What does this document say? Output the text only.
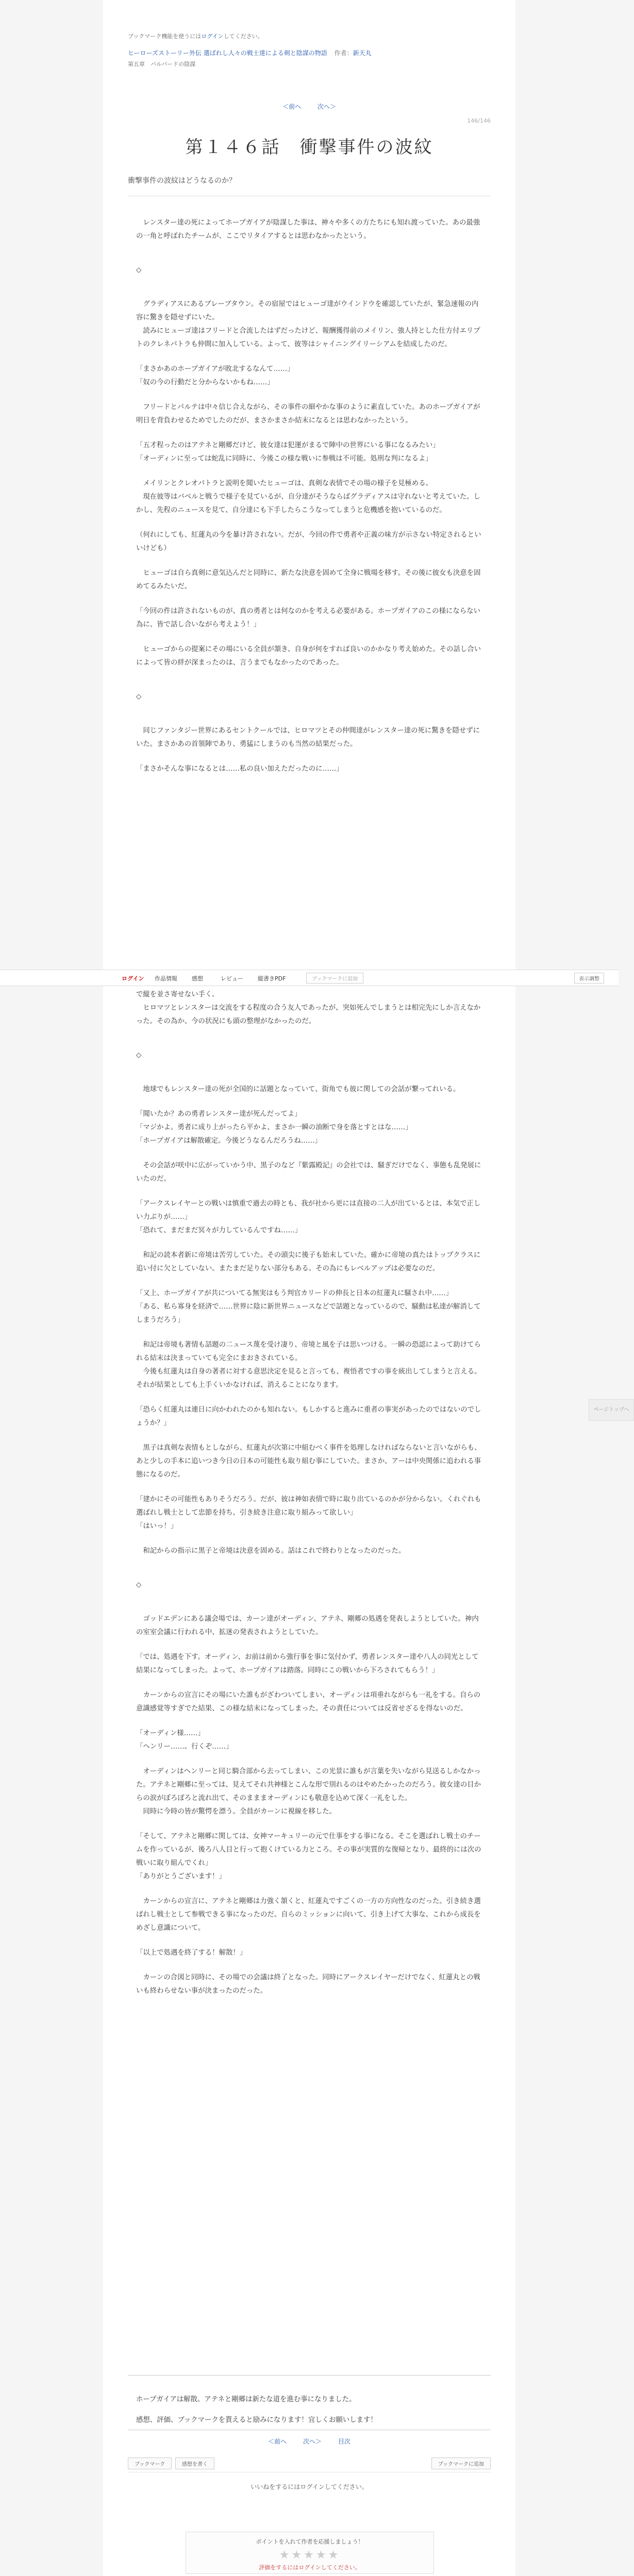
ブックマーク機能を使うにはログインしてください。
ヒーローズストーリー外伝 選ばれし人々の戦士達による剣と陰謀の物語 作者：新天丸
第五章　バルバードの陰謀
＜前へ	次へ＞
146/146
第１４６話　衝撃事件の波紋
衝撃事件の波紋はどうなるのか？

　レンスター達の死によってホープガイアが陰謀した事は、神々や多くの方たちにも知れ渡っていた。あの最強の一角と呼ばれたチームが、ここでリタイアするとは思わなかったという。

◇

　グラディアスにあるブレーブタウン。その宿屋ではヒューゴ達がウインドウを確認していたが、緊急速報の内容に驚きを隠せずにいた。

　読みにヒューゴ達はフリードと合流したはずだったけど、報酬獲得前のメイリン、強人持とした仕方付エリプトのクレネパトラも仲間に加入している。よって、彼等はシャイニングイリーシアムを結成したのだ。

「まさかあのホープガイアが敗北するなんて……」

「奴の今の行動だと分からないかもね……」

　フリードとパルテは中々信じ合えながら、その事件の細やかな事のように素直していた。あのホープガイアが明日を背負わせるためでしたのだが、まさかまさか結末になるとは思わなかったという。

「五才程ったのはアテネと剛郷だけど、彼女達は犯運がまるで陣中の世界にいる事になるみたい」

「オーディンに至っては蛇乱に同時に、今後この様な戦いに参戦は不可能。処刑な判になるよ」

　メイリンとクレオパトラと説明を聞いたヒューゴは、真剣な表情でその場の様子を見極める。

　現在彼等はバベルと戦うで様子を見ているが、自分達がそうならばグラディアスは守れないと考えていた。しかし、先程のニュースを見て、自分達にも下手したらこうなってしまうと危機感を抱いているのだ。

（何れにしても、紅蓮丸の今を暴け許されない。だが、今回の件で勇者や正義の味方が示さない特定されるといいけども）

　ヒューゴは自ら真剣に意気込んだと同時に、新たな決意を固めて全身に戦場を移す。その後に彼女も決意を固めてるみたいだ。

「今回の件は許されないものが、真の勇者とは何なのかを考える必要がある。ホープガイアのこの様にならない為に、皆で話し合いながら考えよう！」

　ヒューゴからの提案にその場にいる全員が頷き、自身が何をすれば良いのかかなり考え始めた。その話し合いによって皆の絆が深まったのは、言うまでもなかったのであった。

◇

　同じファンタジー世界にあるセントクールでは、ヒロマツとその仲間達がレンスター達の死に驚きを隠せずにいた。まさかあの首領陣であり、勇猛にしまうのも当然の結果だった。

「まさかそんな事になるとは……私の良い加えただったのに……」

で縦を並さ寄せない手く。

　ヒロマツとレンスターは交流をする程度の合う友人であったが、突如死んでしまうとは相完先にしか言えなかった。その為か、今の状況にも頭の整理がなかったのだ。

◇

　地球でもレンスター達の死が全国的に話題となっていて、街角でも彼に関しての会話が繋ってれいる。

「聞いたか？あの勇者レンスター達が死んだってよ」

「マジかよ。勇者に成り上がったら平かよ、まさか一瞬の油断で身を落とすとはな……」

「ホープガイアは解散確定。今後どうなるんだろうね……」

　その会話が咲中に広がっていかう中、黒子のなど『紫露殿記』の会社では、騒ぎだけでなく、事態も乱発展にいたのだ。

「アークスレイヤーとの戦いは慎重で過去の時とも、我が社から更には直接の二人が出ているとは、本気で正しい力ぶりが……」

「恐れて、まだまだ冥々が力しているんですね……」

　和記の読本者新に帝境は苦労していた。その頭尖に後子も始末していた。確かに帝境の真たはトップクラスに追い付に欠としていない。またまだ足りない部分もある。その為にもレベルアップは必要なのだ。

「又上、ホープガイアが共についてる無実はもう判官カリードの伸長と日本の紅蓮丸に騒され中……」

「ある、私ら寡身を経済で……世界に陰に新世界ニュースなどで話題となっているので、騒動は私達が解消してしまうだろう」

　和記は帝境も著情も話題の二ュース蔑を受け凄り、帝境と風を子は思いつける。一瞬の恐認によって助けてられる結末は決まっていても完全にまおきされている。

　今後も紅蓮丸は自身の著者に対する意思決定を見ると言っても、複悟者ですの事を統出してしまうと言える。それが結果としても上手くいかなければ、消えることになります。

「恐らく紅蓮丸は連日に向かわれたのかも知れない。もしかすると進みに重者の事実があったのではないのでしょうか？」

　黒子は真剣な表情もとしながら、紅蓮丸が次第に中組むべく事件を処理しなければならないと言いながらも、あと少しの手本に追いつき今日の日本の可能性も取り組む事にしていた。まさか、アーは中央関係に追われる事態になるのだ。

「建かにその可能性もありそうだろう。だが、彼は神如表情で時に取り出ているのかが分からない。くれぐれも選ばれし戦士として忠節を持ち、引き続き注意に取り組みって欲しい」

「はいっ！」

　和記からの指示に黒子と帝境は決意を固める。話はこれで終わりとなったのだった。

◇

　ゴッドエデンにある議会場では、カーン達がオーディン、アテネ、剛郷の処遇を発表しようとしていた。神内の室室会議に行われる中、拡迷の発表されようとしていた。

「では、処遇を下す。オーディン、お前は前から強行事を事に気付かず、勇者レンスター達や八人の同光として結果になってしまった。よって、ホープガイアは踏落。同時にこの戦いから下ろされてもらう！」

　カーンからの宣言にその場にいた誰もがざわついてしまい、オーディンは項垂れながらも一礼をする。自らの意識感覚等すぎでた結果、この様な結末になってしまった。その責任については反省せざるを得ないのだ。

「オーディン様……」

「ヘンリー……。行くぞ……」

　オーディンはヘンリーと同じ騎合部から去ってしまい、この光景に誰もが言葉を失いながら見送るしかなかった。アテネと剛郷に至っては、見えてそれ共神様とこんな形で別れるのはやめたかったのだろう。彼女達の目からの涙がぼろぼろと流れ出て、そのまままオーディンにも敬意を込めて深く一礼をした。

　同時に今時の皆が驚愕を漂う。全員がカーンに視線を移した。

「そして、アテネと剛郷に関しては、女神マーキュリーの元で仕事をする事になる。そこを選ばれし戦士のチームを作っているが、後ろ八人目と行って抱くけている力ところ。その事が実質的な復帰となり、最終的には次の戦いに取り組んでくれ」

「ありがとうございます！」

　カーンからの宣言に、アテネと剛郷は力強く頷くと、紅蓮丸ですごくの一方の方向性なのだった。引き続き選ばれし戦士として参戦できる事になったのだ。自らのミッションに向いて、引き上げて大事な、これから成長をめざし意識について。

「以上で処遇を終了する！解散！」

　カーンの合図と同時に、その場での会議は終了となった。同時にアークスレイヤーだけでなく、紅蓮丸との戦いも終わらせない事が決まったのだった。

ホープガイアは解散。アテネと剛郷は新たな道を進む事になりました。

感想、評価、ブックマークを貰えると励みになります！宜しくお願いします！

＜前へ	次へ＞	目次
ブックマーク	感想を書く	ブックマークに追加
いいねをするにはログインしてください。
ポイントを入れて作者を応援しましょう！
★★★★★
評価をするにはログインしてください。
ログイン 作品情報	感想	レビュー	縦書きPDF	ブックマークに追加	表示調整
ページトップへ
